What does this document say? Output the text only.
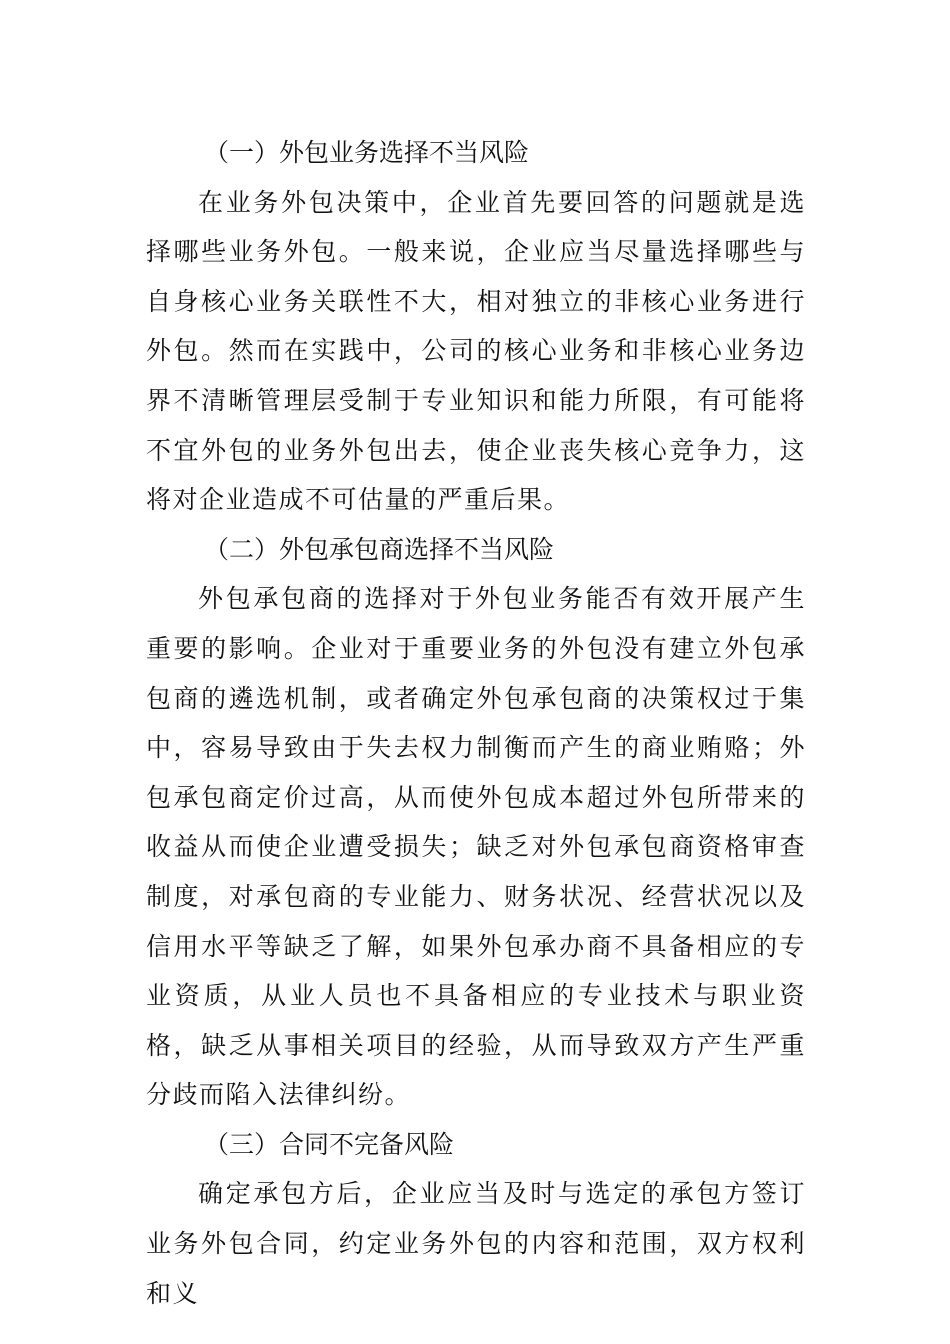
（一）外包业务选择不当风险

在业务外包决策中，企业首先要回答的问题就是选择哪些业务外包。一般来说，企业应当尽量选择哪些与自身核心业务关联性不大，相对独立的非核心业务进行外包。然而在实践中，公司的核心业务和非核心业务边界不清晰管理层受制于专业知识和能力所限，有可能将不宜外包的业务外包出去，使企业丧失核心竞争力，这将对企业造成不可估量的严重后果。

（二）外包承包商选择不当风险

外包承包商的选择对于外包业务能否有效开展产生重要的影响。企业对于重要业务的外包没有建立外包承包商的遴选机制，或者确定外包承包商的决策权过于集中，容易导致由于失去权力制衡而产生的商业贿赂；外包承包商定价过高，从而使外包成本超过外包所带来的收益从而使企业遭受损失；缺乏对外包承包商资格审查制度，对承包商的专业能力、财务状况、经营状况以及信用水平等缺乏了解，如果外包承办商不具备相应的专业资质，从业人员也不具备相应的专业技术与职业资格，缺乏从事相关项目的经验，从而导致双方产生严重分歧而陷入法律纠纷。

（三）合同不完备风险

确定承包方后，企业应当及时与选定的承包方签订业务外包合同，约定业务外包的内容和范围，双方权利和义
